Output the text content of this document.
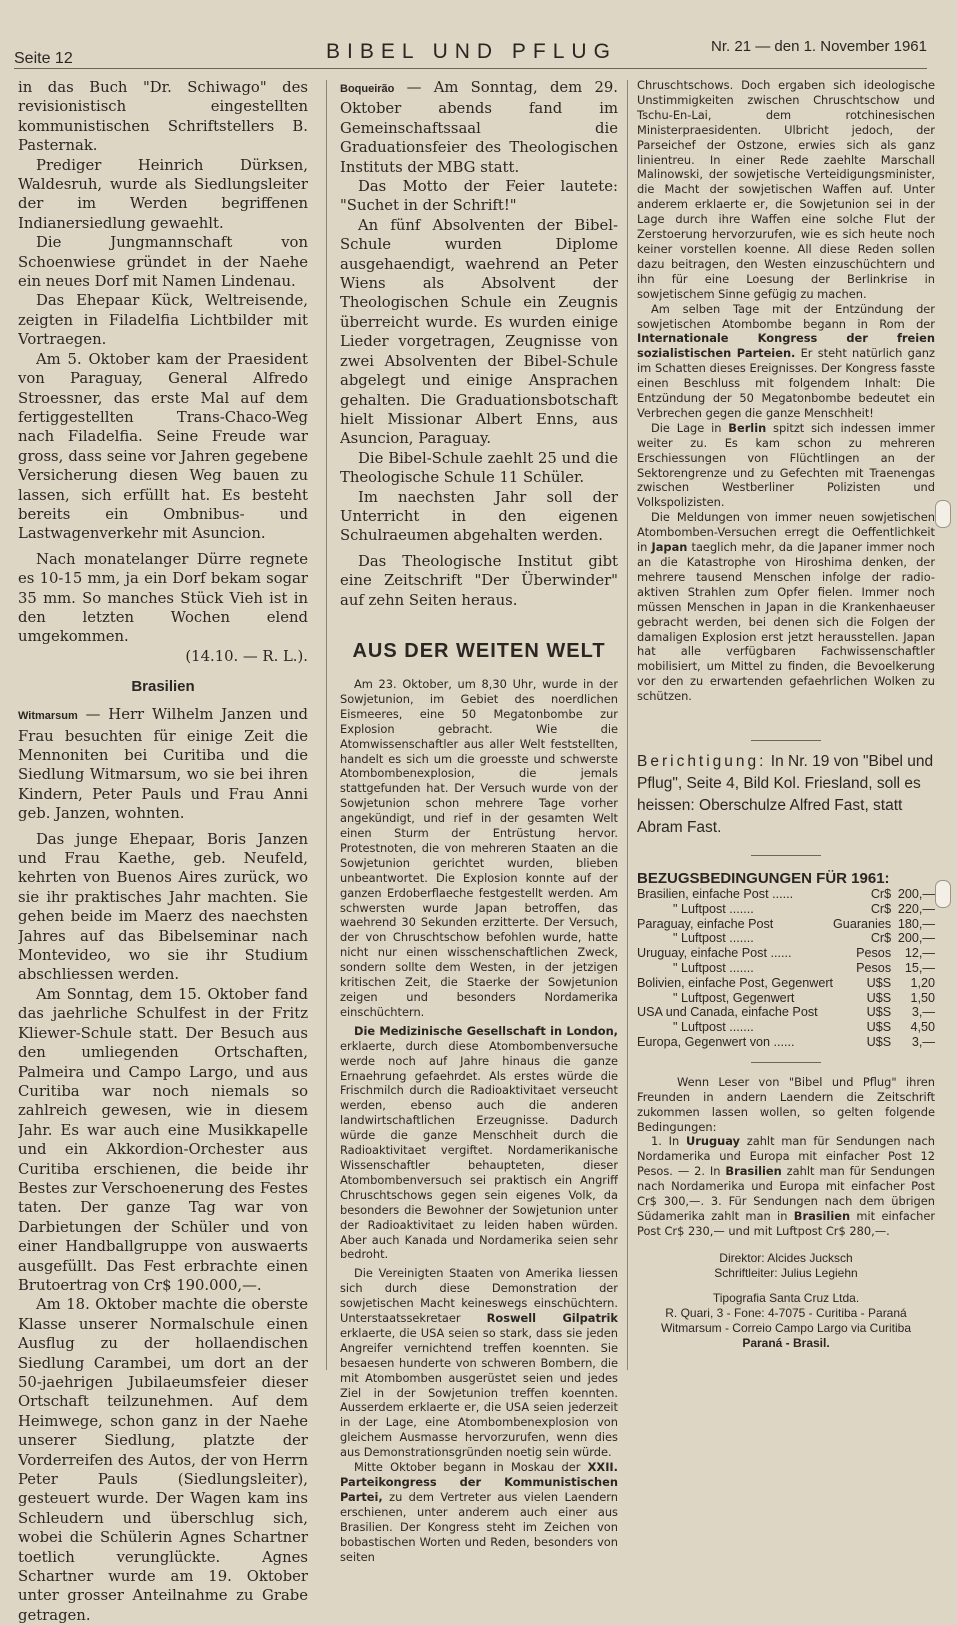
Seite 12	BIBEL UND PFLUG	Nr. 21 — den 1. November 1961

in das Buch "Dr. Schiwago" des revisionistisch eingestellten kommunistischen Schriftstellers B. Pasternak.

Prediger Heinrich Dürksen, Waldesruh, wurde als Siedlungsleiter der im Werden begriffenen Indianersiedlung gewaehlt.

Die Jungmannschaft von Schoenwiese gründet in der Naehe ein neues Dorf mit Namen Lindenau.

Das Ehepaar Kück, Weltreisende, zeigten in Filadelfia Lichtbilder mit Vortraegen.

Am 5. Oktober kam der Praesident von Paraguay, General Alfredo Stroessner, das erste Mal auf dem fertiggestellten Trans-Chaco-Weg nach Filadelfia. Seine Freude war gross, dass seine vor Jahren gegebene Versicherung diesen Weg bauen zu lassen, sich erfüllt hat. Es besteht bereits ein Ombnibus- und Lastwagenverkehr mit Asuncion.

Nach monatelanger Dürre regnete es 10-15 mm, ja ein Dorf bekam sogar 35 mm. So manches Stück Vieh ist in den letzten Wochen elend umgekommen.

(14.10. — R. L.).

Brasilien

Witmarsum — Herr Wilhelm Janzen und Frau besuchten für einige Zeit die Mennoniten bei Curitiba und die Siedlung Witmarsum, wo sie bei ihren Kindern, Peter Pauls und Frau Anni geb. Janzen, wohnten.

Das junge Ehepaar, Boris Janzen und Frau Kaethe, geb. Neufeld, kehrten von Buenos Aires zurück, wo sie ihr praktisches Jahr machten. Sie gehen beide im Maerz des naechsten Jahres auf das Bibelseminar nach Montevideo, wo sie ihr Studium abschliessen werden.

Am Sonntag, dem 15. Oktober fand das jaehrliche Schulfest in der Fritz Kliewer-Schule statt. Der Besuch aus den umliegenden Ortschaften, Palmeira und Campo Largo, und aus Curitiba war noch niemals so zahlreich gewesen, wie in diesem Jahr. Es war auch eine Musikkapelle und ein Akkordion-Orchester aus Curitiba erschienen, die beide ihr Bestes zur Verschoenerung des Festes taten. Der ganze Tag war von Darbietungen der Schüler und von einer Handballgruppe von auswaerts ausgefüllt. Das Fest erbrachte einen Brutoertrag von Cr$ 190.000,—.

Am 18. Oktober machte die oberste Klasse unserer Normalschule einen Ausflug zu der hollaendischen Siedlung Carambei, um dort an der 50-jaehrigen Jubilaeumsfeier dieser Ortschaft teilzunehmen. Auf dem Heimwege, schon ganz in der Naehe unserer Siedlung, platzte der Vorderreifen des Autos, der von Herrn Peter Pauls (Siedlungsleiter), gesteuert wurde. Der Wagen kam ins Schleudern und überschlug sich, wobei die Schülerin Agnes Schartner toetlich verunglückte. Agnes Schartner wurde am 19. Oktober unter grosser Anteilnahme zu Grabe getragen.

Boqueirão — Am Sonntag, dem 29. Oktober abends fand im Gemeinschaftssaal die Graduationsfeier des Theologischen Instituts der MBG statt.

Das Motto der Feier lautete: "Suchet in der Schrift!"

An fünf Absolventen der Bibel-Schule wurden Diplome ausgehaendigt, waehrend an Peter Wiens als Absolvent der Theologischen Schule ein Zeugnis überreicht wurde. Es wurden einige Lieder vorgetragen, Zeugnisse von zwei Absolventen der Bibel-Schule abgelegt und einige Ansprachen gehalten. Die Graduationsbotschaft hielt Missionar Albert Enns, aus Asuncion, Paraguay.

Die Bibel-Schule zaehlt 25 und die Theologische Schule 11 Schüler.

Im naechsten Jahr soll der Unterricht in den eigenen Schulraeumen abgehalten werden.

Das Theologische Institut gibt eine Zeitschrift "Der Überwinder" auf zehn Seiten heraus.

AUS DER WEITEN WELT

Am 23. Oktober, um 8,30 Uhr, wurde in der Sowjetunion, im Gebiet des noerdlichen Eismeeres, eine 50 Megatonbombe zur Explosion gebracht. Wie die Atomwissenschaftler aus aller Welt feststellten, handelt es sich um die groesste und schwerste Atombombenexplosion, die jemals stattgefunden hat. Der Versuch wurde von der Sowjetunion schon mehrere Tage vorher angekündigt, und rief in der gesamten Welt einen Sturm der Entrüstung hervor. Protestnoten, die von mehreren Staaten an die Sowjetunion gerichtet wurden, blieben unbeantwortet. Die Explosion konnte auf der ganzen Erdoberflaeche festgestellt werden. Am schwersten wurde Japan betroffen, das waehrend 30 Sekunden erzitterte. Der Versuch, der von Chruschtschow befohlen wurde, hatte nicht nur einen wisschenschaftlichen Zweck, sondern sollte dem Westen, in der jetzigen kritischen Zeit, die Staerke der Sowjetunion zeigen und besonders Nordamerika einschüchtern.

Die Medizinische Gesellschaft in London, erklaerte, durch diese Atombombenversuche werde noch auf Jahre hinaus die ganze Ernaehrung gefaehrdet. Als erstes würde die Frischmilch durch die Radioaktivitaet verseucht werden, ebenso auch die anderen landwirtschaftlichen Erzeugnisse. Dadurch würde die ganze Menschheit durch die Radioaktivitaet vergiftet. Nordamerikanische Wissenschaftler behaupteten, dieser Atombombenversuch sei praktisch ein Angriff Chruschtschows gegen sein eigenes Volk, da besonders die Bewohner der Sowjetunion unter der Radioaktivitaet zu leiden haben würden. Aber auch Kanada und Nordamerika seien sehr bedroht.

Die Vereinigten Staaten von Amerika liessen sich durch diese Demonstration der sowjetischen Macht keineswegs einschüchtern. Unterstaatssekretaer Roswell Gilpatrik erklaerte, die USA seien so stark, dass sie jeden Angreifer vernichtend treffen koennten. Sie besaesen hunderte von schweren Bombern, die mit Atombomben ausgerüstet seien und jedes Ziel in der Sowjetunion treffen koennten. Ausserdem erklaerte er, die USA seien jederzeit in der Lage, eine Atombombenexplosion von gleichem Ausmasse hervorzurufen, wenn dies aus Demonstrationsgründen noetig sein würde.

Mitte Oktober begann in Moskau der XXII. Parteikongress der Kommunistischen Partei, zu dem Vertreter aus vielen Laendern erschienen, unter anderem auch einer aus Brasilien. Der Kongress steht im Zeichen von bobastischen Worten und Reden, besonders von seiten

Chruschtschows. Doch ergaben sich ideologische Unstimmigkeiten zwischen Chruschtschow und Tschu-En-Lai, dem rotchinesischen Ministerpraesidenten. Ulbricht jedoch, der Parseichef der Ostzone, erwies sich als ganz linientreu. In einer Rede zaehlte Marschall Malinowski, der sowjetische Verteidigungsminister, die Macht der sowjetischen Waffen auf. Unter anderem erklaerte er, die Sowjetunion sei in der Lage durch ihre Waffen eine solche Flut der Zerstoerung hervorzurufen, wie es sich heute noch keiner vorstellen koenne. All diese Reden sollen dazu beitragen, den Westen einzuschüchtern und ihn für eine Loesung der Berlinkrise in sowjetischem Sinne gefügig zu machen.

Am selben Tage mit der Entzündung der sowjetischen Atombombe begann in Rom der Internationale Kongress der freien sozialistischen Parteien. Er steht natürlich ganz im Schatten dieses Ereignisses. Der Kongress fasste einen Beschluss mit folgendem Inhalt: Die Entzündung der 50 Megatonbombe bedeutet ein Verbrechen gegen die ganze Menschheit!

Die Lage in Berlin spitzt sich indessen immer weiter zu. Es kam schon zu mehreren Erschiessungen von Flüchtlingen an der Sektorengrenze und zu Gefechten mit Traenengas zwischen Westberliner Polizisten und Volkspolizisten.

Die Meldungen von immer neuen sowjetischen Atombomben-Versuchen erregt die Oeffentlichkeit in Japan taeglich mehr, da die Japaner immer noch an die Katastrophe von Hiroshima denken, der mehrere tausend Menschen infolge der radio-aktiven Strahlen zum Opfer fielen. Immer noch müssen Menschen in Japan in die Krankenhaeuser gebracht werden, bei denen sich die Folgen der damaligen Explosion erst jetzt herausstellen. Japan hat alle verfügbaren Fachwissenschaftler mobilisiert, um Mittel zu finden, die Bevoelkerung vor den zu erwartenden gefaehrlichen Wolken zu schützen.

Berichtigung: In Nr. 19 von "Bibel und Pflug", Seite 4, Bild Kol. Friesland, soll es heissen: Oberschulze Alfred Fast, statt Abram Fast.

BEZUGSBEDINGUNGEN FÜR 1961:

Brasilien, einfache Post ......	Cr$	200,—
" Luftpost .......	Cr$	220,—
Paraguay, einfache Post	Guaranies	180,—
" Luftpost .......	Cr$	200,—
Uruguay, einfache Post ......	Pesos	12,—
" Luftpost .......	Pesos	15,—
Bolivien, einfache Post, Gegenwert	U$S	1,20
" Luftpost, Gegenwert	U$S	1,50
USA und Canada, einfache Post	U$S	3,—
" Luftpost .......	U$S	4,50
Europa, Gegenwert von ......	U$S	3,—

Wenn Leser von "Bibel und Pflug" ihren Freunden in andern Laendern die Zeitschrift zukommen lassen wollen, so gelten folgende Bedingungen:

1. In Uruguay zahlt man für Sendungen nach Nordamerika und Europa mit einfacher Post 12 Pesos. — 2. In Brasilien zahlt man für Sendungen nach Nordamerika und Europa mit einfacher Post Cr$ 300,—. 3. Für Sendungen nach dem übrigen Südamerika zahlt man in Brasilien mit einfacher Post Cr$ 230,— und mit Luftpost Cr$ 280,—.

Direktor: Alcides Jucksch

Schriftleiter: Julius Legiehn

Tipografia Santa Cruz Ltda.

R. Quari, 3 - Fone: 4-7075 - Curitiba - Paraná

Witmarsum - Correio Campo Largo via Curitiba

Paraná - Brasil.
